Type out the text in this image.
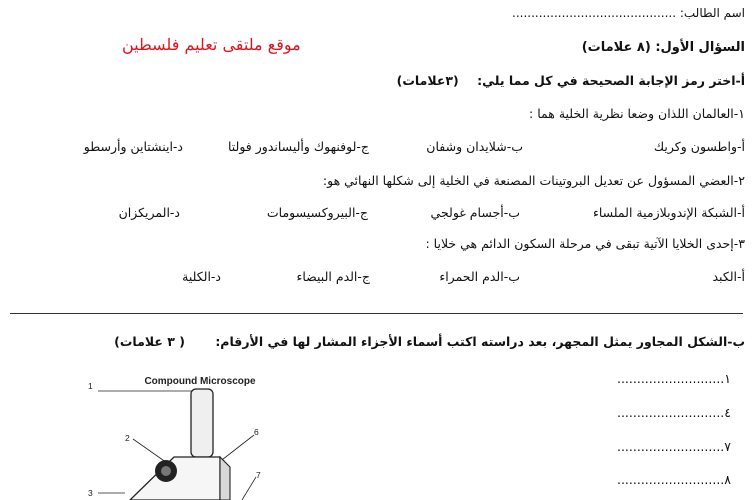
اسم الطالب: ...........................................
موقع ملتقى تعليم فلسطين	السؤال الأول: (٨ علامات)
أ-اختر رمز الإجابة الصحيحة في كل مما يلي: (٣علامات)
١-العالمان اللذان وضعا نظرية الخلية هما :
أ-واطسون وكريك
ب-شلايدان وشفان
ج-لوفنهوك وأليساندور فولتا
د-اينشتاين وأرسطو
٢-العضي المسؤول عن تعديل البروتينات المصنعة في الخلية إلى شكلها النهائي هو:
أ-الشبكة الإندوبلازمية الملساء
ب-أجسام غولجي
ج-البيروكسيسومات
د-المريكزان
٣-إحدى الخلايا الآتية تبقى في مرحلة السكون الدائم هي خلايا :
أ-الكبد
ب-الدم الحمراء
ج-الدم البيضاء
د-الكلية
ب-الشكل المجاور يمثل المجهر، بعد دراسته اكتب أسماء الأجزاء المشار لها في الأرقام: ( ٣ علامات)
١...........................
٤...........................
٧...........................
٨...........................
Compound Microscope
1
2
3
6
7
